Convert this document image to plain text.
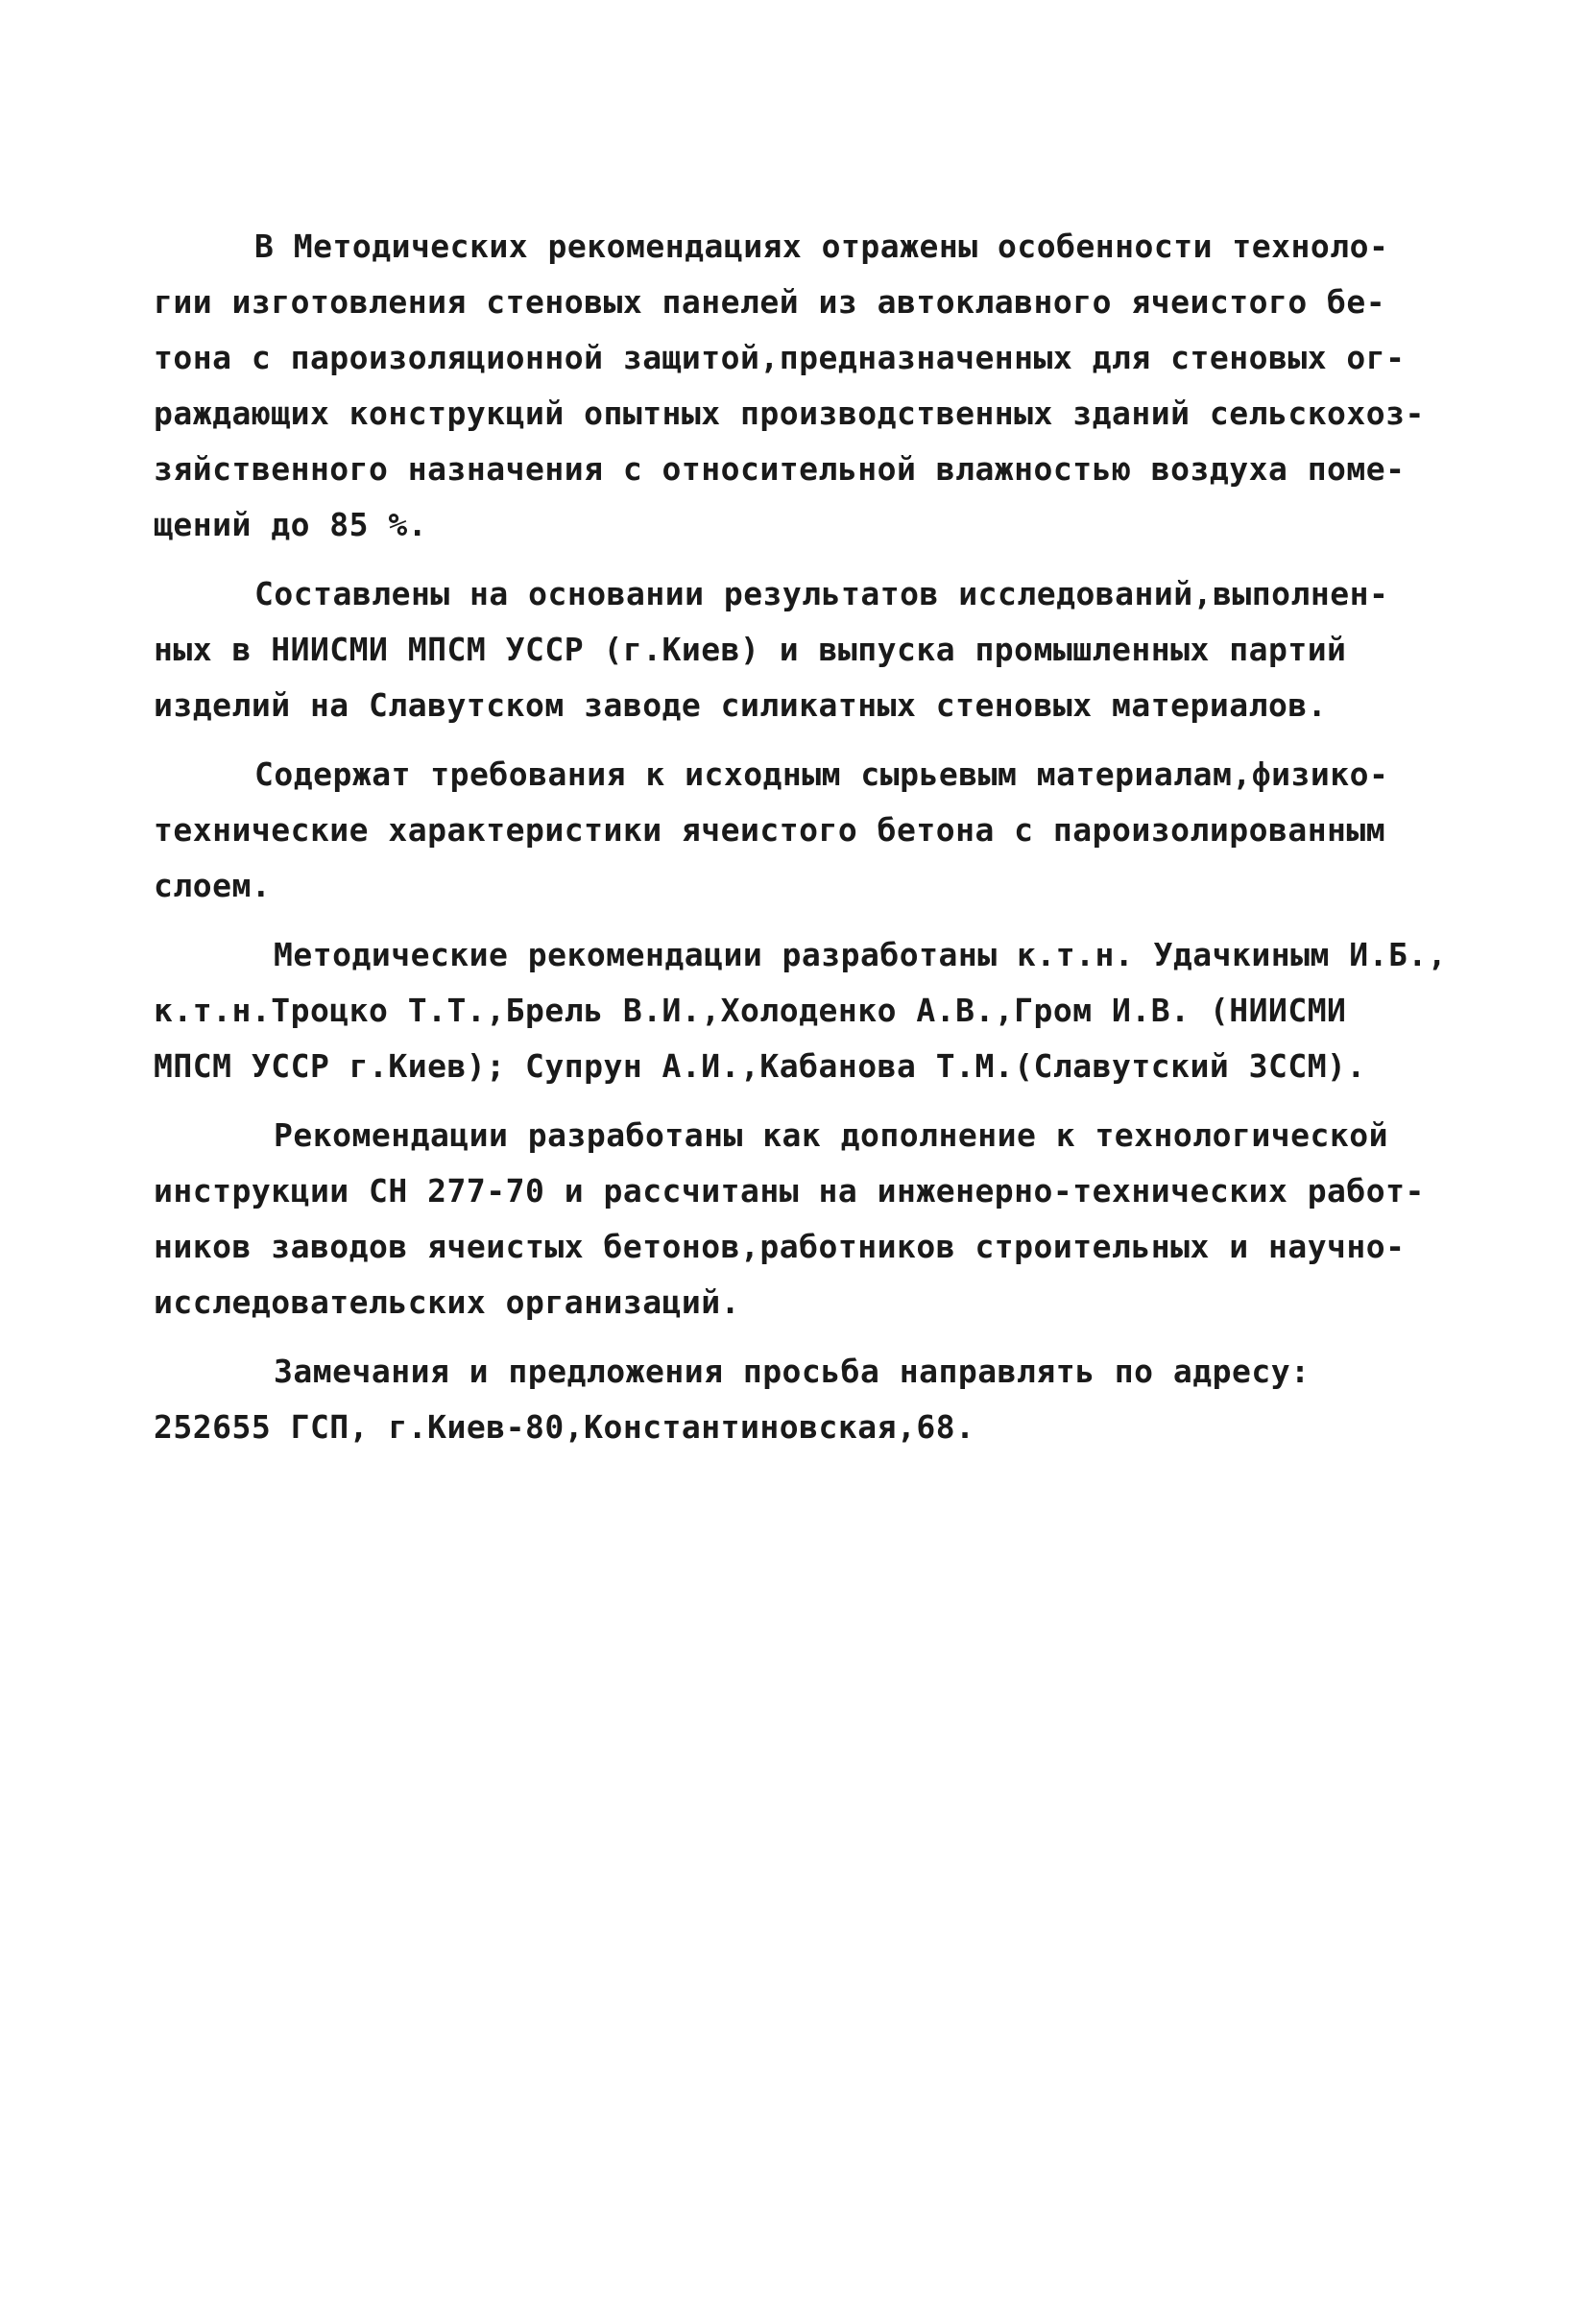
В Методических рекомендациях отражены особенности техноло-
гии изготовления стеновых панелей из автоклавного ячеистого бе-
тона с пароизоляционной защитой,предназначенных для стеновых ог-
раждающих конструкций опытных производственных зданий сельскохоз-
зяйственного назначения с относительной влажностью воздуха поме-
щений до 85 %.
Составлены на основании результатов исследований,выполнен-
ных в НИИСМИ МПСМ УССР (г.Киев) и выпуска промышленных партий
изделий на Славутском заводе силикатных стеновых материалов.
Содержат требования к исходным сырьевым материалам,физико-
технические характеристики ячеистого бетона с пароизолированным
слоем.
Методические рекомендации разработаны к.т.н. Удачкиным И.Б.,
к.т.н.Троцко Т.Т.,Брель В.И.,Холоденко А.В.,Гром И.В. (НИИСМИ
МПСМ УССР г.Киев); Супрун А.И.,Кабанова Т.М.(Славутский ЗССМ).
Рекомендации разработаны как дополнение к технологической
инструкции СН 277-70 и рассчитаны на инженерно-технических работ-
ников заводов ячеистых бетонов,работников строительных и научно-
исследовательских организаций.
Замечания и предложения просьба направлять по адресу:
252655 ГСП, г.Киев-80,Константиновская,68.
